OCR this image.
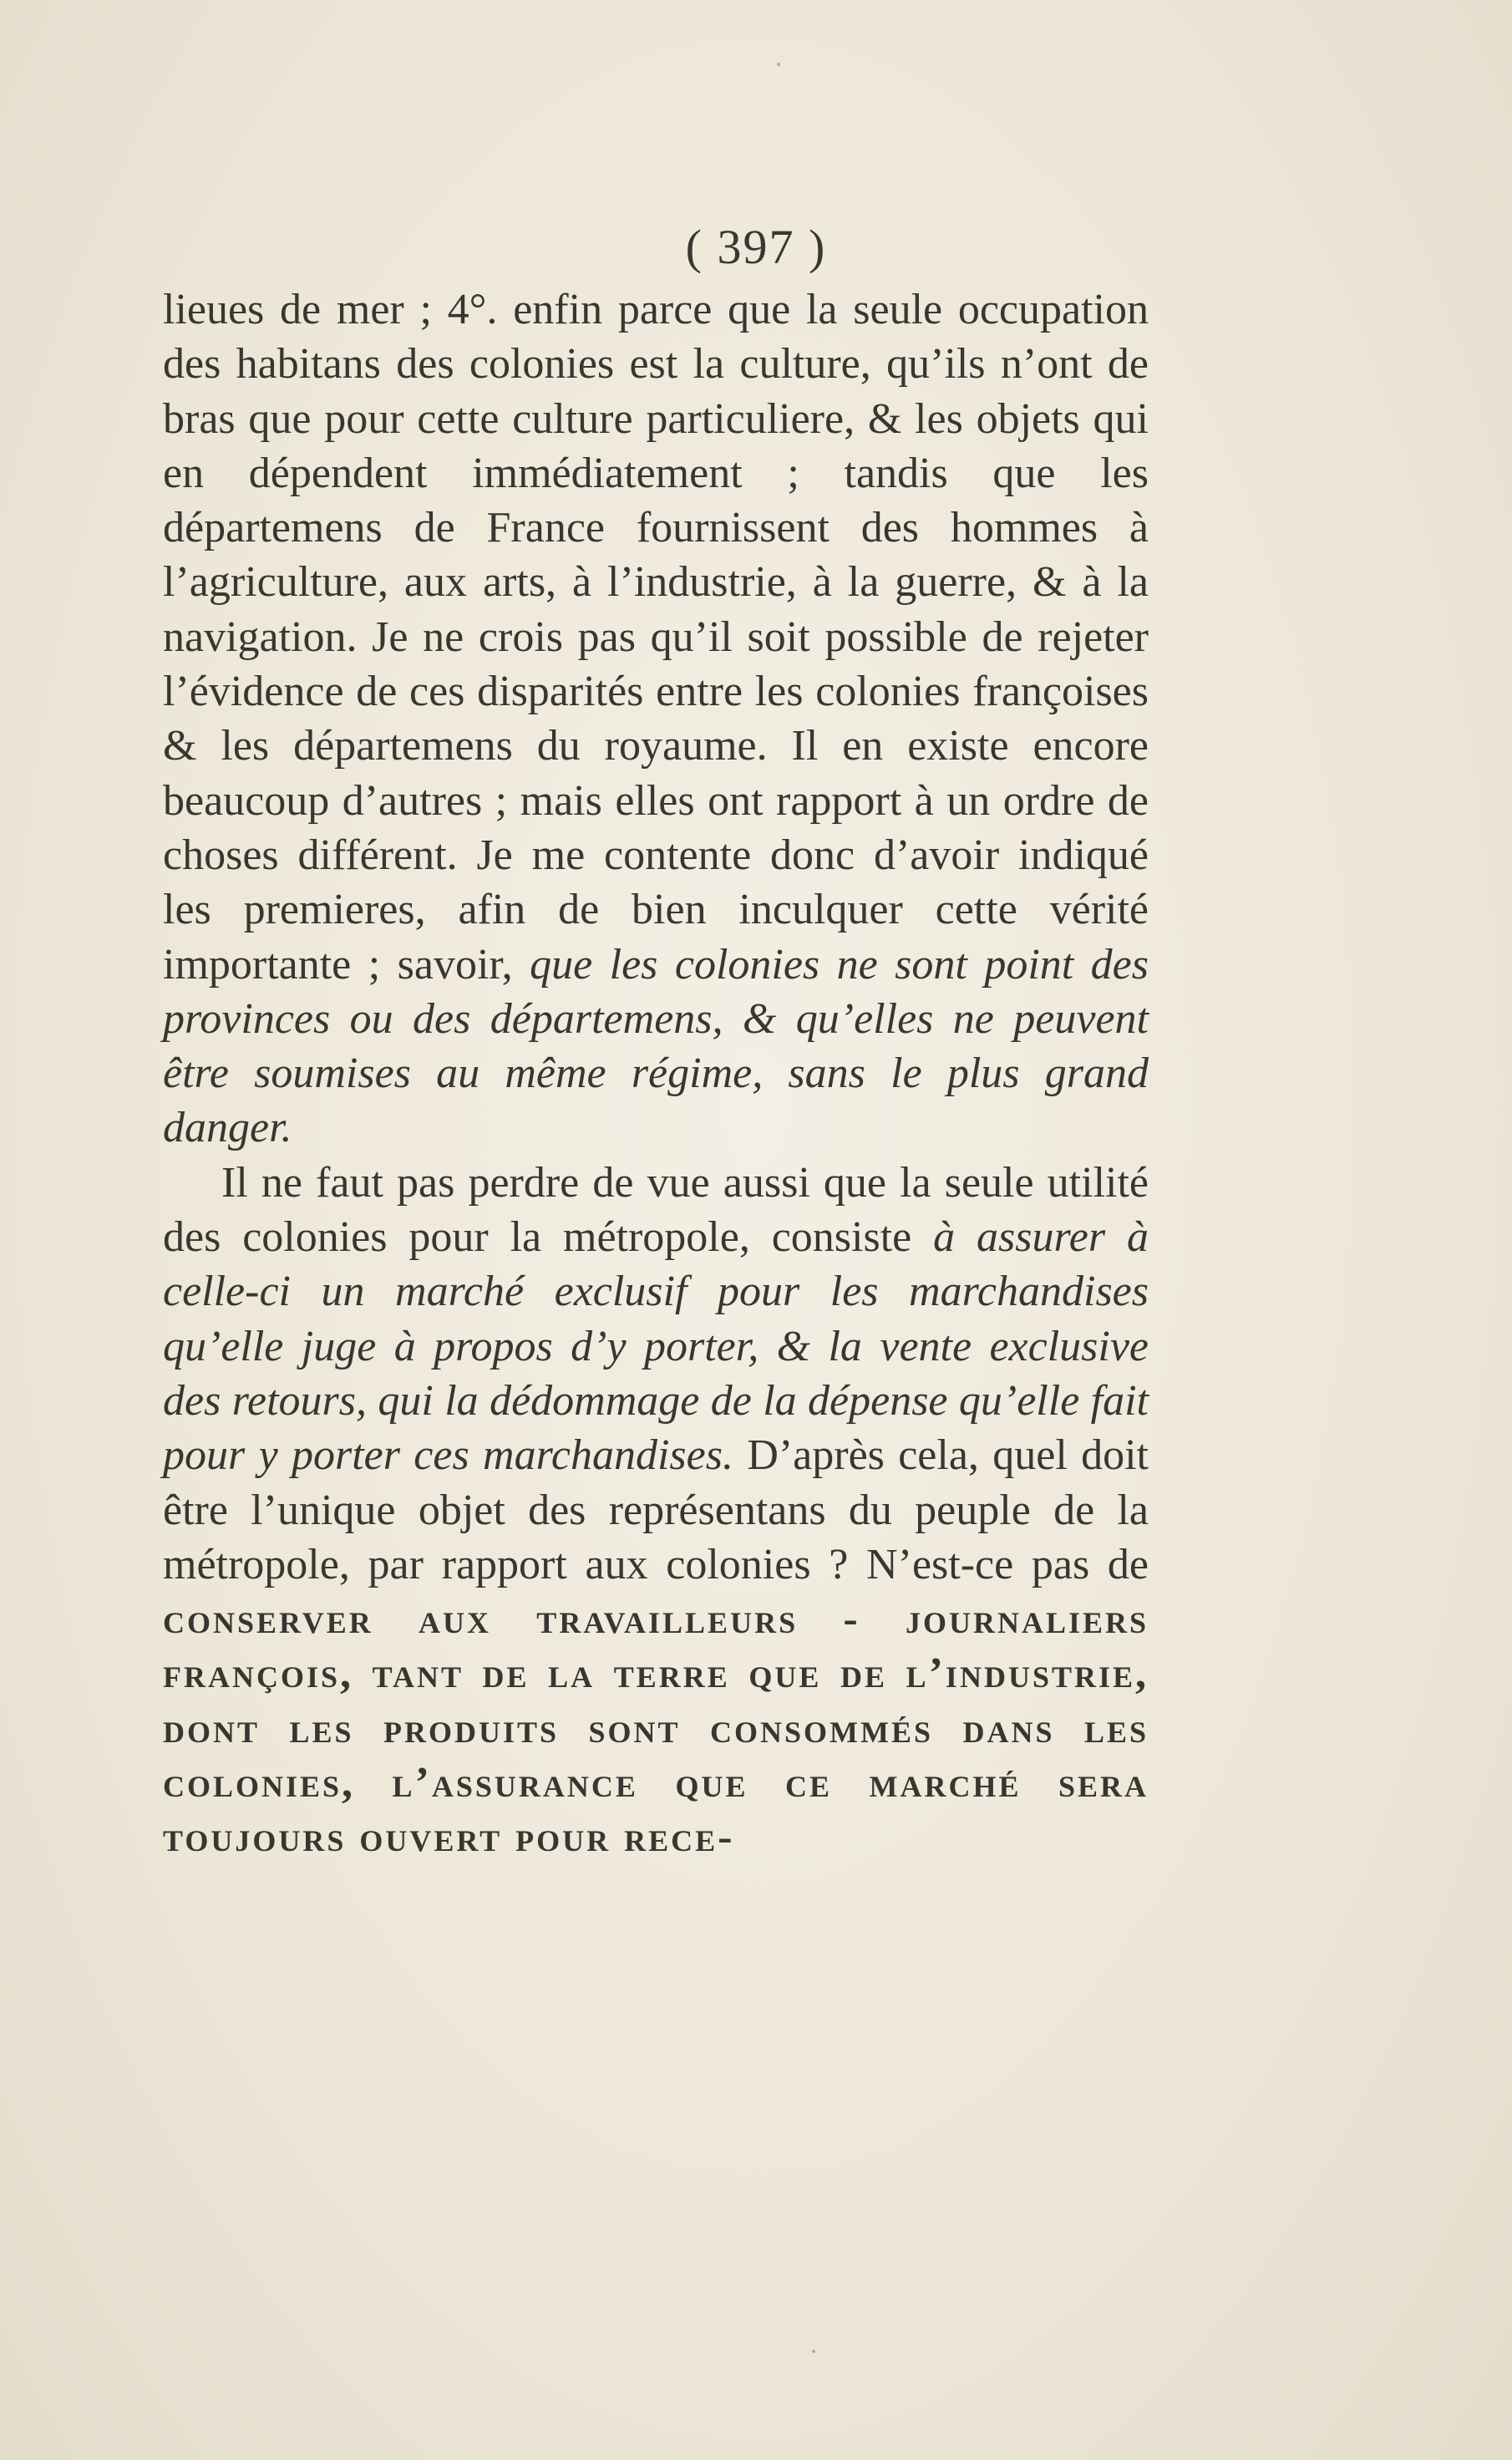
( 397 )

lieues de mer ; 4°. enfin parce que la seule occupation des habitans des colonies est la culture, qu’ils n’ont de bras que pour cette culture particuliere, & les objets qui en dépendent immédiatement ; tandis que les départemens de France fournissent des hommes à l’agriculture, aux arts, à l’industrie, à la guerre, & à la navigation. Je ne crois pas qu’il soit possible de rejeter l’évidence de ces disparités entre les colonies françoises & les départemens du royaume. Il en existe encore beaucoup d’autres ; mais elles ont rapport à un ordre de choses différent. Je me contente donc d’avoir indiqué les premieres, afin de bien inculquer cette vérité importante ; savoir, que les colonies ne sont point des provinces ou des départemens, & qu’elles ne peuvent être soumises au même régime, sans le plus grand danger.

Il ne faut pas perdre de vue aussi que la seule utilité des colonies pour la métropole, consiste à assurer à celle-ci un marché exclusif pour les marchandises qu’elle juge à propos d’y porter, & la vente exclusive des retours, qui la dédommage de la dépense qu’elle fait pour y porter ces marchandises. D’après cela, quel doit être l’unique objet des représentans du peuple de la métropole, par rapport aux colonies ? N’est-ce pas de conserver aux travailleurs - journaliers françois, tant de la terre que de l’industrie, dont les produits sont consommés dans les colonies, l’assurance que ce marché sera toujours ouvert pour rece-
